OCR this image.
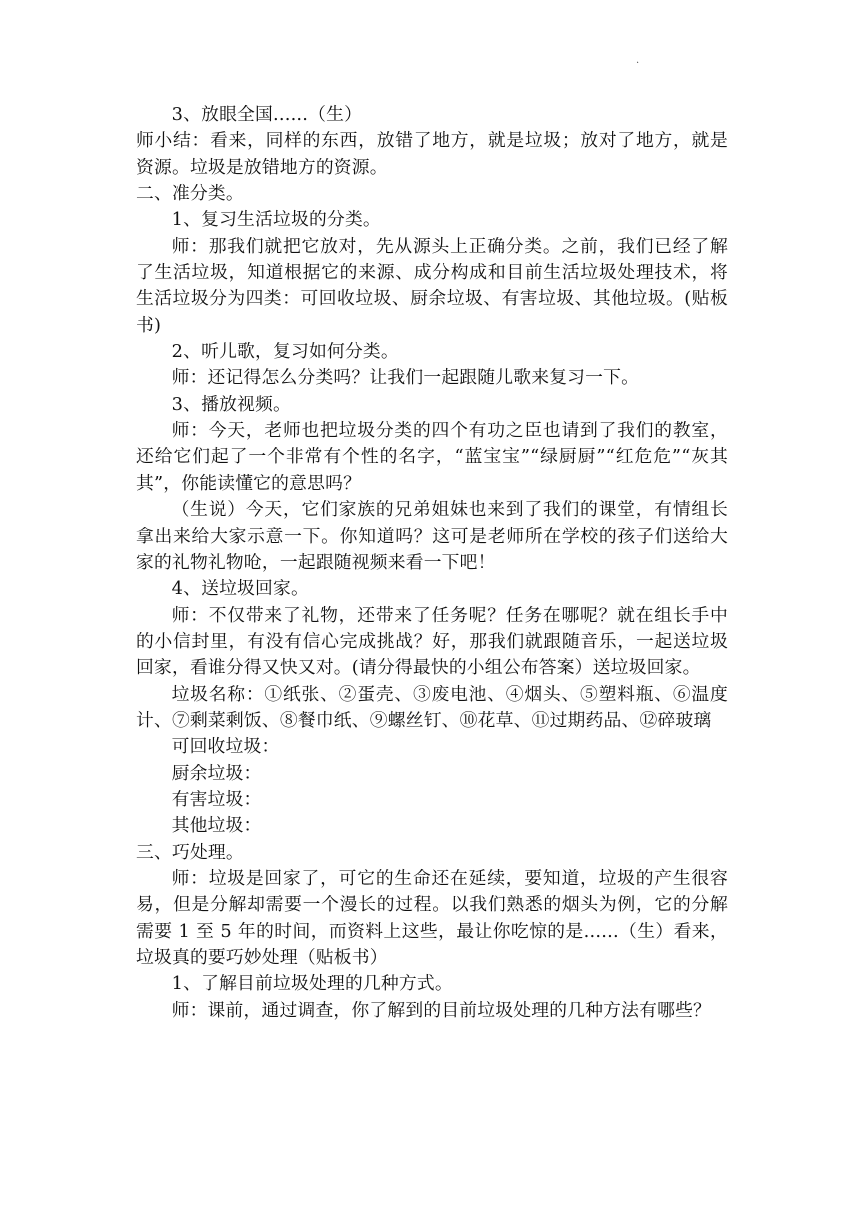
.
3、放眼全国......（生）
师小结：看来，同样的东西，放错了地方，就是垃圾；放对了地方，就是资源。垃圾是放错地方的资源。
二、准分类。
1、复习生活垃圾的分类。
师：那我们就把它放对，先从源头上正确分类。之前，我们已经了解了生活垃圾，知道根据它的来源、成分构成和目前生活垃圾处理技术，将生活垃圾分为四类：可回收垃圾、厨余垃圾、有害垃圾、其他垃圾。(贴板书)
2、听儿歌，复习如何分类。
师：还记得怎么分类吗？让我们一起跟随儿歌来复习一下。
3、播放视频。
师：今天，老师也把垃圾分类的四个有功之臣也请到了我们的教室，还给它们起了一个非常有个性的名字，“蓝宝宝”“绿厨厨”“红危危”“灰其其”，你能读懂它的意思吗？
（生说）今天，它们家族的兄弟姐妹也来到了我们的课堂，有情组长拿出来给大家示意一下。你知道吗？这可是老师所在学校的孩子们送给大家的礼物礼物呛，一起跟随视频来看一下吧！
4、送垃圾回家。
师：不仅带来了礼物，还带来了任务呢？任务在哪呢？就在组长手中的小信封里，有没有信心完成挑战？好，那我们就跟随音乐，一起送垃圾回家，看谁分得又快又对。(请分得最快的小组公布答案）送垃圾回家。
垃圾名称：①纸张、②蛋壳、③废电池、④烟头、⑤塑料瓶、⑥温度计、⑦剩菜剩饭、⑧餐巾纸、⑨螺丝钉、⑩花草、⑪过期药品、⑫碎玻璃
可回收垃圾：
厨余垃圾：
有害垃圾：
其他垃圾：
三、巧处理。
师：垃圾是回家了，可它的生命还在延续，要知道，垃圾的产生很容易，但是分解却需要一个漫长的过程。以我们熟悉的烟头为例，它的分解需要 1 至 5 年的时间，而资料上这些，最让你吃惊的是......（生）看来，垃圾真的要巧妙处理（贴板书）
1、了解目前垃圾处理的几种方式。
师：课前，通过调查，你了解到的目前垃圾处理的几种方法有哪些？
